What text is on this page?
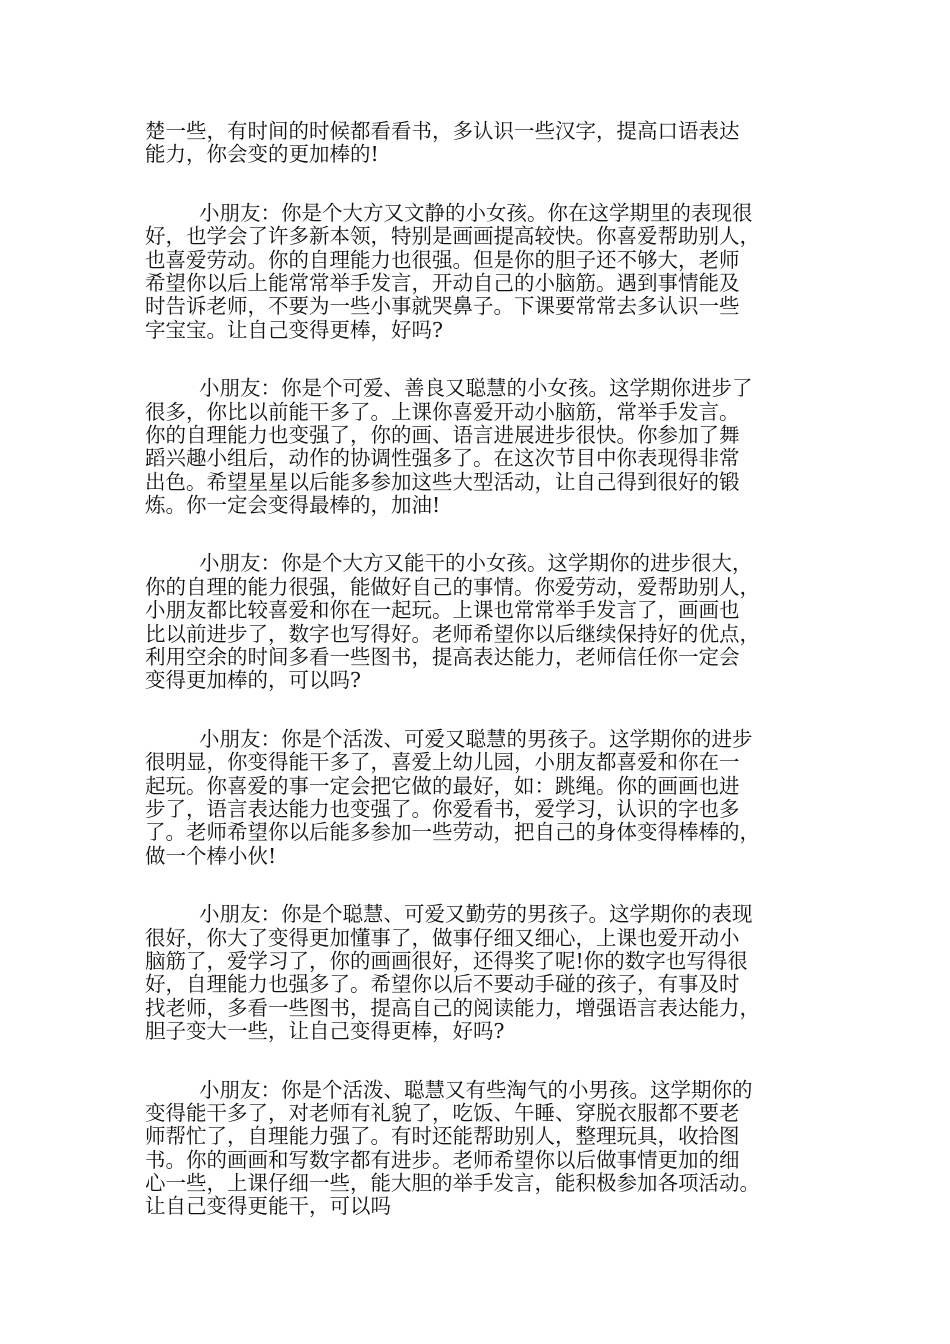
楚一些，有时间的时候都看看书，多认识一些汉字，提高口语表达
能力，你会变的更加棒的!
小朋友：你是个大方又文静的小女孩。你在这学期里的表现很
好，也学会了许多新本领，特别是画画提高较快。你喜爱帮助别人，
也喜爱劳动。你的自理能力也很强。但是你的胆子还不够大，老师
希望你以后上能常常举手发言，开动自己的小脑筋。遇到事情能及
时告诉老师，不要为一些小事就哭鼻子。下课要常常去多认识一些
字宝宝。让自己变得更棒，好吗?
小朋友：你是个可爱、善良又聪慧的小女孩。这学期你进步了
很多，你比以前能干多了。上课你喜爱开动小脑筋，常举手发言。
你的自理能力也变强了，你的画、语言进展进步很快。你参加了舞
蹈兴趣小组后，动作的协调性强多了。在这次节目中你表现得非常
出色。希望星星以后能多参加这些大型活动，让自己得到很好的锻
炼。你一定会变得最棒的，加油!
小朋友：你是个大方又能干的小女孩。这学期你的进步很大，
你的自理的能力很强，能做好自己的事情。你爱劳动，爱帮助别人，
小朋友都比较喜爱和你在一起玩。上课也常常举手发言了，画画也
比以前进步了，数字也写得好。老师希望你以后继续保持好的优点，
利用空余的时间多看一些图书，提高表达能力，老师信任你一定会
变得更加棒的，可以吗?
小朋友：你是个活泼、可爱又聪慧的男孩子。这学期你的进步
很明显，你变得能干多了，喜爱上幼儿园，小朋友都喜爱和你在一
起玩。你喜爱的事一定会把它做的最好，如：跳绳。你的画画也进
步了，语言表达能力也变强了。你爱看书，爱学习，认识的字也多
了。老师希望你以后能多参加一些劳动，把自己的身体变得棒棒的，
做一个棒小伙!
小朋友：你是个聪慧、可爱又勤劳的男孩子。这学期你的表现
很好，你大了变得更加懂事了，做事仔细又细心，上课也爱开动小
脑筋了，爱学习了，你的画画很好，还得奖了呢!你的数字也写得很
好，自理能力也强多了。希望你以后不要动手碰的孩子，有事及时
找老师，多看一些图书，提高自己的阅读能力，增强语言表达能力，
胆子变大一些，让自己变得更棒，好吗?
小朋友：你是个活泼、聪慧又有些淘气的小男孩。这学期你的
变得能干多了，对老师有礼貌了，吃饭、午睡、穿脱衣服都不要老
师帮忙了，自理能力强了。有时还能帮助别人，整理玩具，收拾图
书。你的画画和写数字都有进步。老师希望你以后做事情更加的细
心一些，上课仔细一些，能大胆的举手发言，能积极参加各项活动。
让自己变得更能干，可以吗
